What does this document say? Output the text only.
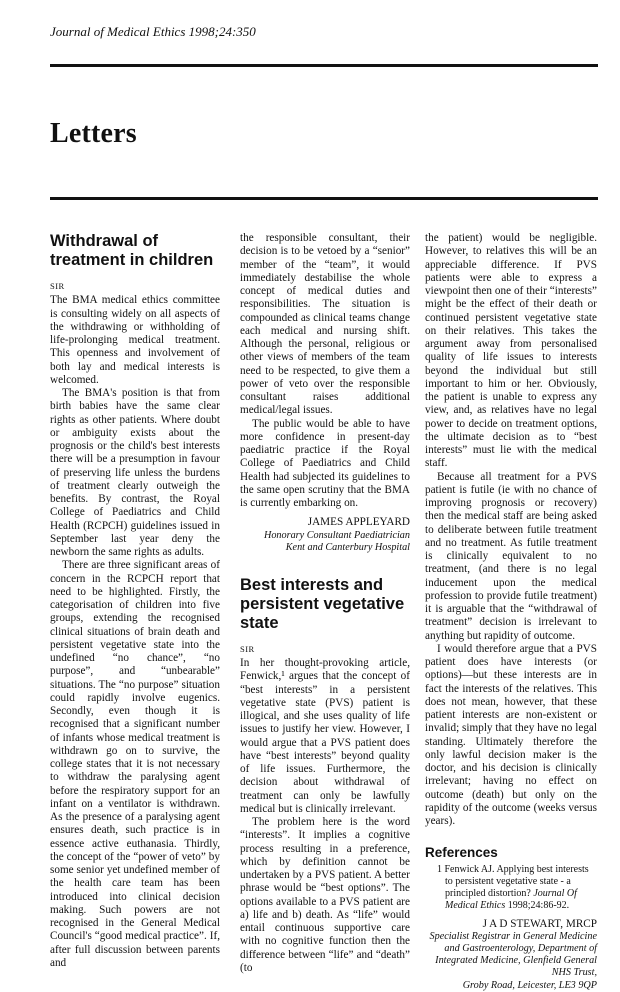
Journal of Medical Ethics 1998;24:350
Letters
Withdrawal of treatment in children
SIR

The BMA medical ethics committee is consulting widely on all aspects of the withdrawing or withholding of life-prolonging medical treatment. This openness and involvement of both lay and medical interests is welcomed.

The BMA's position is that from birth babies have the same clear rights as other patients. Where doubt or ambiguity exists about the prognosis or the child's best interests there will be a presumption in favour of preserving life unless the burdens of treatment clearly outweigh the benefits. By contrast, the Royal College of Paediatrics and Child Health (RCPCH) guidelines issued in September last year deny the newborn the same rights as adults.

There are three significant areas of concern in the RCPCH report that need to be highlighted. Firstly, the categorisation of children into five groups, extending the recognised clinical situations of brain death and persistent vegetative state into the undefined “no chance”, “no purpose”, and “unbearable” situations. The “no purpose” situation could rapidly involve eugenics. Secondly, even though it is recognised that a significant number of infants whose medical treatment is withdrawn go on to survive, the college states that it is not necessary to withdraw the paralysing agent before the respiratory support for an infant on a ventilator is withdrawn. As the presence of a paralysing agent ensures death, such practice is in essence active euthanasia. Thirdly, the concept of the “power of veto” by some senior yet undefined member of the health care team has been introduced into clinical decision making. Such powers are not recognised in the General Medical Council's “good medical practice”. If, after full discussion between parents and

the responsible consultant, their decision is to be vetoed by a “senior” member of the “team”, it would immediately destabilise the whole concept of medical duties and responsibilities. The situation is compounded as clinical teams change each medical and nursing shift. Although the personal, religious or other views of members of the team need to be respected, to give them a power of veto over the responsible consultant raises additional medical/legal issues.

The public would be able to have more confidence in present-day paediatric practice if the Royal College of Paediatrics and Child Health had subjected its guidelines to the same open scrutiny that the BMA is currently embarking on.

JAMES APPLEYARD
Honorary Consultant Paediatrician
Kent and Canterbury Hospital
Best interests and persistent vegetative state
SIR

In her thought-provoking article, Fenwick,¹ argues that the concept of “best interests” in a persistent vegetative state (PVS) patient is illogical, and she uses quality of life issues to justify her view. However, I would argue that a PVS patient does have “best interests” beyond quality of life issues. Furthermore, the decision about withdrawal of treatment can only be lawfully medical but is clinically irrelevant.

The problem here is the word “interests”. It implies a cognitive process resulting in a preference, which by definition cannot be undertaken by a PVS patient. A better phrase would be “best options”. The options available to a PVS patient are a) life and b) death. As “life” would entail continuous supportive care with no cognitive function then the difference between “life” and “death” (to

the patient) would be negligible. However, to relatives this will be an appreciable difference. If PVS patients were able to express a viewpoint then one of their “interests” might be the effect of their death or continued persistent vegetative state on their relatives. This takes the argument away from personalised quality of life issues to interests beyond the individual but still important to him or her. Obviously, the patient is unable to express any view, and, as relatives have no legal power to decide on treatment options, the ultimate decision as to “best interests” must lie with the medical staff.

Because all treatment for a PVS patient is futile (ie with no chance of improving prognosis or recovery) then the medical staff are being asked to deliberate between futile treatment and no treatment. As futile treatment is clinically equivalent to no treatment, (and there is no legal inducement upon the medical profession to provide futile treatment) it is arguable that the “withdrawal of treatment” decision is irrelevant to anything but rapidity of outcome.

I would therefore argue that a PVS patient does have interests (or options)—but these interests are in fact the interests of the relatives. This does not mean, however, that these patient interests are non-existent or invalid; simply that they have no legal standing. Ultimately therefore the only lawful decision maker is the doctor, and his decision is clinically irrelevant; having no effect on outcome (death) but only on the rapidity of the outcome (weeks versus years).

References
1 Fenwick AJ. Applying best interests to persistent vegetative state - a principled distortion? Journal Of Medical Ethics 1998;24:86-92.
J A D STEWART, MRCP
Specialist Registrar in General Medicine and Gastroenterology, Department of Integrated Medicine, Glenfield General NHS Trust,
Groby Road, Leicester, LE3 9QP
